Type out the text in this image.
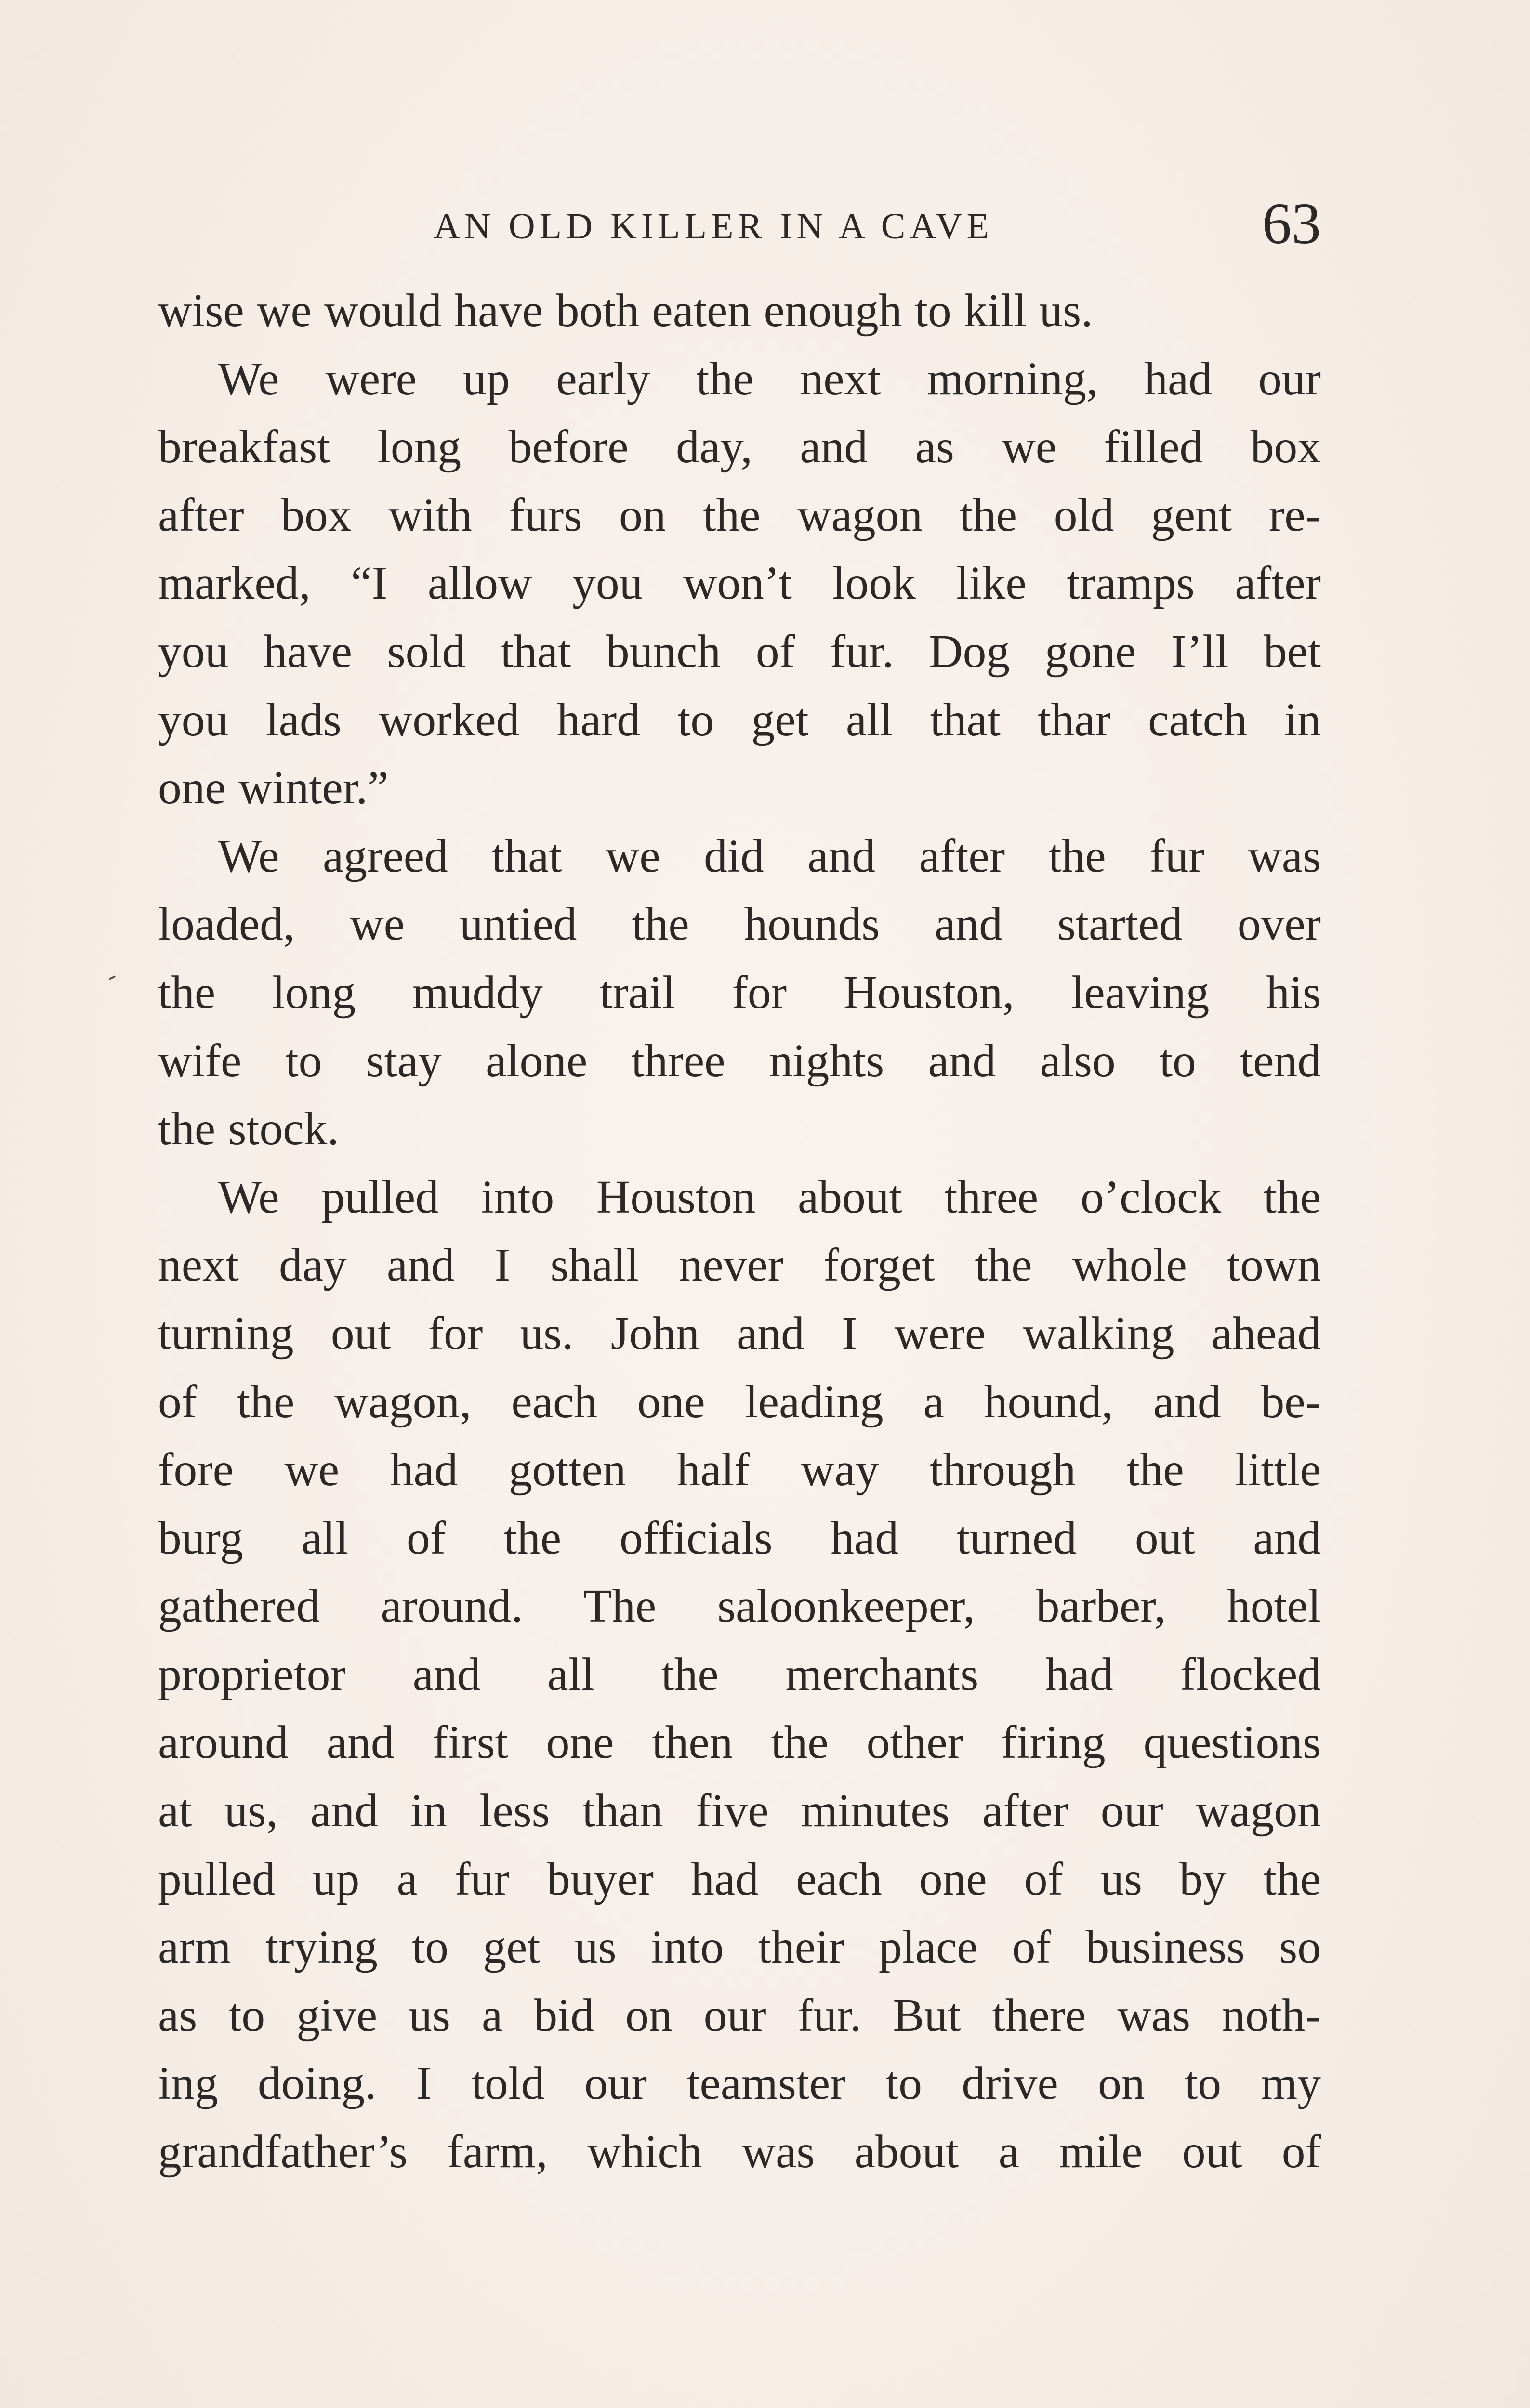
AN OLD KILLER IN A CAVE	63
wise we would have both eaten enough to kill us.
We were up early the next morning, had our
breakfast long before day, and as we filled box
after box with furs on the wagon the old gent re-
marked, “I allow you won’t look like tramps after
you have sold that bunch of fur. Dog gone I’ll bet
you lads worked hard to get all that thar catch in
one winter.”
We agreed that we did and after the fur was
loaded, we untied the hounds and started over
the long muddy trail for Houston, leaving his
wife to stay alone three nights and also to tend
the stock.
We pulled into Houston about three o’clock the
next day and I shall never forget the whole town
turning out for us. John and I were walking ahead
of the wagon, each one leading a hound, and be-
fore we had gotten half way through the little
burg all of the officials had turned out and
gathered around. The saloonkeeper, barber, hotel
proprietor and all the merchants had flocked
around and first one then the other firing questions
at us, and in less than five minutes after our wagon
pulled up a fur buyer had each one of us by the
arm trying to get us into their place of business so
as to give us a bid on our fur. But there was noth-
ing doing. I told our teamster to drive on to my
grandfather’s farm, which was about a mile out of
